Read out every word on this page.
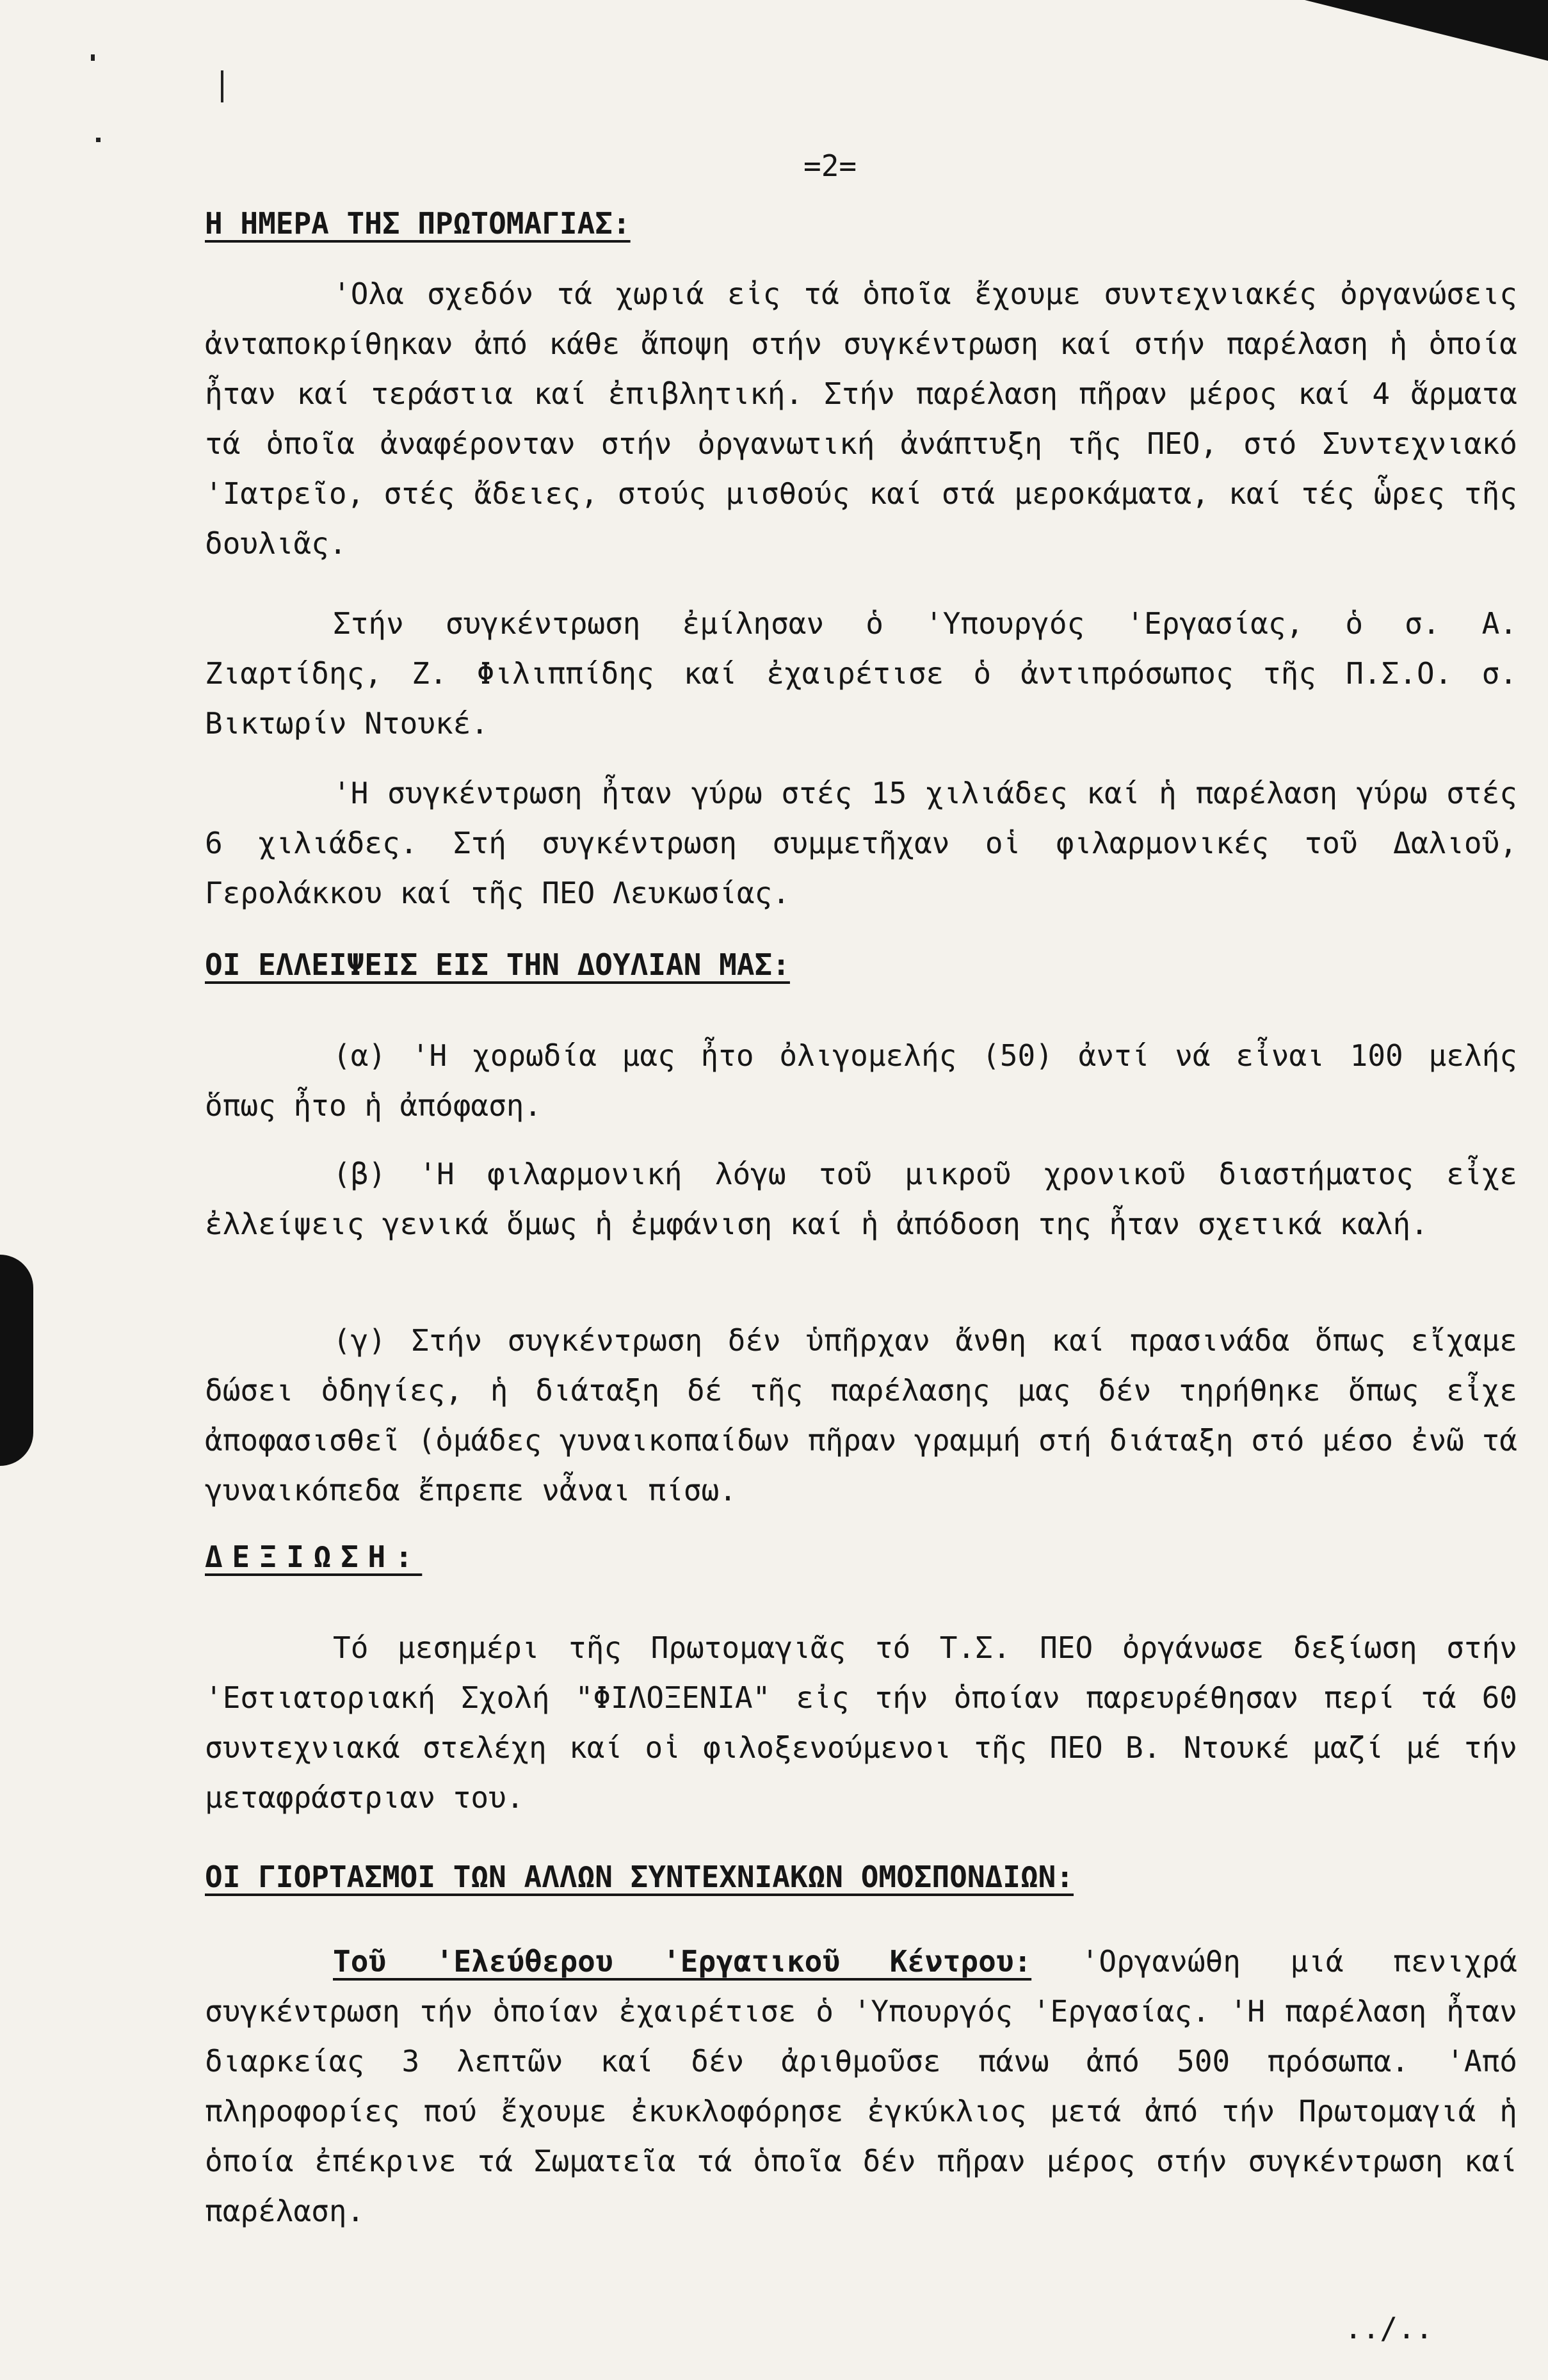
=2=
Η ΗΜΕΡΑ ΤΗΣ ΠΡΩΤΟΜΑΓΙΑΣ:

'Ολα σχεδόν τά χωριά εἰς τά ὁποῖα ἔχουμε συντεχνιακές ὀργανώσεις ἀνταποκρίθηκαν ἀπό κάθε ἄποψη στήν συγκέντρωση καί στήν παρέλαση ἡ ὁποία ἦταν καί τεράστια καί ἐπιβλητική. Στήν παρέλαση πῆραν μέρος καί 4 ἅρματα τά ὁποῖα ἀναφέρονταν στήν ὀργανωτική ἀνάπτυξη τῆς ΠΕΟ, στό Συντεχνιακό 'Ιατρεῖο, στές ἄδειες, στούς μισθούς καί στά μεροκάματα, καί τές ὧρες τῆς δουλιᾶς.

Στήν συγκέντρωση ἐμίλησαν ὁ 'Υπουργός 'Εργασίας, ὁ σ. Α. Ζιαρτίδης, Ζ. Φιλιππίδης καί ἐχαιρέτισε ὁ ἀντιπρόσωπος τῆς Π.Σ.Ο. σ. Βικτωρίν Ντουκέ.

'Η συγκέντρωση ἦταν γύρω στές 15 χιλιάδες καί ἡ παρέλαση γύρω στές 6 χιλιάδες. Στή συγκέντρωση συμμετῆχαν οἱ φιλαρμονικές τοῦ Δαλιοῦ, Γερολάκκου καί τῆς ΠΕΟ Λευκωσίας.

ΟΙ ΕΛΛΕΙΨΕΙΣ ΕΙΣ ΤΗΝ ΔΟΥΛΙΑΝ ΜΑΣ:

(α) 'Η χορωδία μας ἦτο ὀλιγομελής (50) ἀντί νά εἶναι 100 μελής ὅπως ἦτο ἡ ἀπόφαση.

(β) 'Η φιλαρμονική λόγω τοῦ μικροῦ χρονικοῦ διαστήματος εἶχε ἐλλείψεις γενικά ὅμως ἡ ἐμφάνιση καί ἡ ἀπόδοση της ἦταν σχετικά καλή.

(γ) Στήν συγκέντρωση δέν ὑπῆρχαν ἄνθη καί πρασινάδα ὅπως εἴχαμε δώσει ὁδηγίες, ἡ διάταξη δέ τῆς παρέλασης μας δέν τηρήθηκε ὅπως εἶχε ἀποφασισθεῖ (ὁμάδες γυναικοπαίδων πῆραν γραμμή στή διάταξη στό μέσο ἐνῶ τά γυναικόπεδα ἔπρεπε νἆναι πίσω.

ΔΕΞΙΩΣΗ:

Τό μεσημέρι τῆς Πρωτομαγιᾶς τό Τ.Σ. ΠΕΟ ὀργάνωσε δεξίωση στήν 'Εστιατοριακή Σχολή "ΦΙΛΟΞΕΝΙΑ" εἰς τήν ὁποίαν παρευρέθησαν περί τά 60 συντεχνιακά στελέχη καί οἱ φιλοξενούμενοι τῆς ΠΕΟ Β. Ντουκέ μαζί μέ τήν μεταφράστριαν του.

ΟΙ ΓΙΟΡΤΑΣΜΟΙ ΤΩΝ ΑΛΛΩΝ ΣΥΝΤΕΧΝΙΑΚΩΝ ΟΜΟΣΠΟΝΔΙΩΝ:

Τοῦ 'Ελεύθερου 'Εργατικοῦ Κέντρου: 'Οργανώθη μιά πενιχρά συγκέντρωση τήν ὁποίαν ἐχαιρέτισε ὁ 'Υπουργός 'Εργασίας. 'Η παρέλαση ἦταν διαρκείας 3 λεπτῶν καί δέν ἀριθμοῦσε πάνω ἀπό 500 πρόσωπα. 'Από πληροφορίες πού ἔχουμε ἐκυκλοφόρησε ἐγκύκλιος μετά ἀπό τήν Πρωτομαγιά ἡ ὁποία ἐπέκρινε τά Σωματεῖα τά ὁποῖα δέν πῆραν μέρος στήν συγκέντρωση καί παρέλαση.

../..
